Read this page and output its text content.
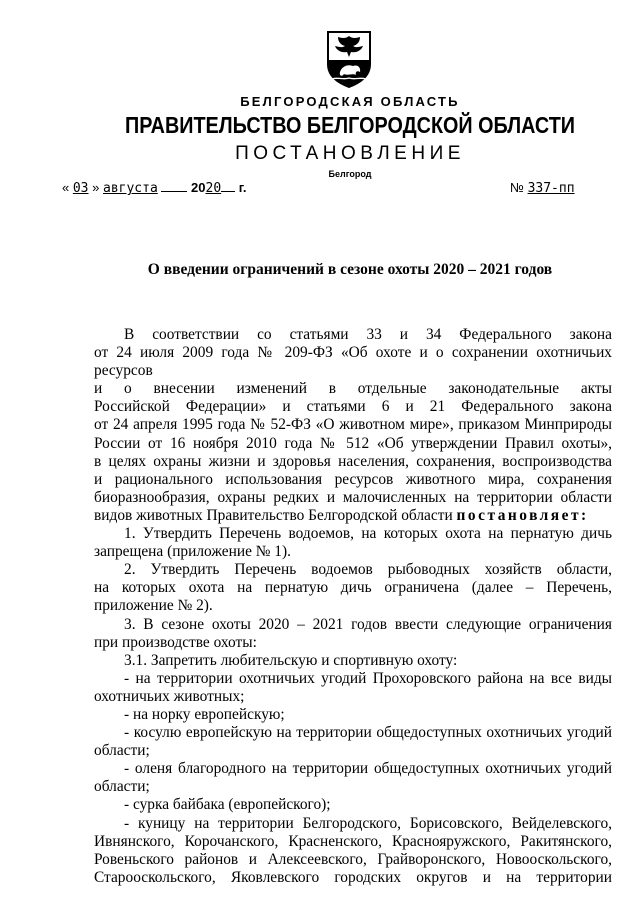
БЕЛГОРОДСКАЯ ОБЛАСТЬ
ПРАВИТЕЛЬСТВО БЕЛГОРОДСКОЙ ОБЛАСТИ
ПОСТАНОВЛЕНИЕ
Белгород
« 03 » августа	2020 г.	№ 337-пп
О введении ограничений в сезоне охоты 2020 – 2021 годов

В соответствии со статьями 33 и 34 Федерального закона

от 24 июля 2009 года № 209-ФЗ «Об охоте и о сохранении охотничьих ресурсов

и о внесении изменений в отдельные законодательные акты

Российской Федерации» и статьями 6 и 21 Федерального закона

от 24 апреля 1995 года № 52-ФЗ «О животном мире», приказом Минприроды

России от 16 ноября 2010 года № 512 «Об утверждении Правил охоты»,

в целях охраны жизни и здоровья населения, сохранения, воспроизводства

и рационального использования ресурсов животного мира, сохранения

биоразнообразия, охраны редких и малочисленных на территории области

видов животных Правительство Белгородской области постановляет:

1. Утвердить Перечень водоемов, на которых охота на пернатую дичь

запрещена (приложение № 1).

2. Утвердить Перечень водоемов рыбоводных хозяйств области,

на которых охота на пернатую дичь ограничена (далее – Перечень,

приложение № 2).

3. В сезоне охоты 2020 – 2021 годов ввести следующие ограничения

при производстве охоты:

3.1. Запретить любительскую и спортивную охоту:

- на территории охотничьих угодий Прохоровского района на все виды

охотничьих животных;

- на норку европейскую;

- косулю европейскую на территории общедоступных охотничьих угодий

области;

- оленя благородного на территории общедоступных охотничьих угодий

области;

- сурка байбака (европейского);

- куницу на территории Белгородского, Борисовского, Вейделевского,

Ивнянского, Корочанского, Красненского, Краснояружского, Ракитянского,

Ровеньского районов и Алексеевского, Грайворонского, Новооскольского,

Старооскольского, Яковлевского городских округов и на территории
